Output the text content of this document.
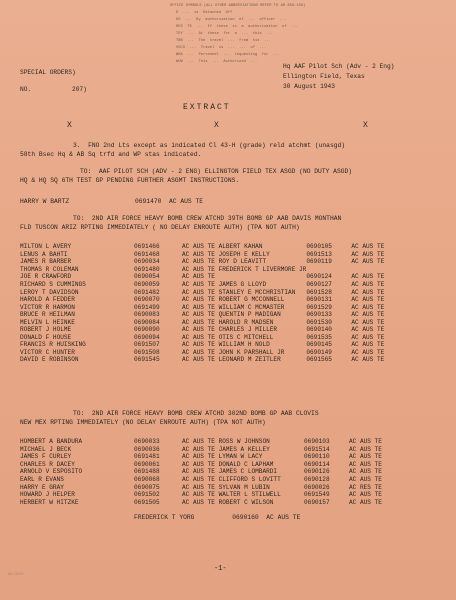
OFFICE SYMBOLS (ALL OTHER ABBREVIATIONS REFER TO AR 850-150)
D  ...  is  Detached  Off
DO  ...  By  authorization  of  ...  officer  ...
RES  TS  ...  If  these  is  a  authorization  of  ...
TDY  ...  At  these  for  a  ...  this  ...
TRB  ...  The  travel  ...  from  his  ...
VOCO  ...  Travel  is  ...  ...  of  ...
WHA  ...  Personnel  ...  requesting  for  ...
WUW  ...  This  ...  Authorized  ...
SPECIAL ORDERS)
NO.	207)
Hq AAF Pilot Sch (Adv - 2 Eng)
Ellington Field, Texas
30 August 1943
EXTRACT
X	X	X
3.  FNO 2nd Lts except as indicated Cl 43-H (grade) reld atchmt (unasgd)
58th Bsec Hq & AB Sq trfd and WP stas indicated.
TO:  AAF PILOT SCH (ADV - 2 ENG) ELLINGTON FIELD TEX ASGD (NO DUTY ASGD)
HQ & HQ SQ 6TH TEST GP PENDING FURTHER ASGMT INSTRUCTIONS.
HARRY W BARTZ	0691470  AC AUS TE
TO:  2ND AIR FORCE HEAVY BOMB CREW ATCHD 39TH BOMB GP AAB DAVIS MONTHAN
FLD TUSCON ARIZ RPTING IMMEDIATELY ( NO DELAY ENROUTE AUTH) (TPA NOT AUTH)
MILTON L AVERY	0691466	AC AUS TE ALBERT KAHAN	0690105	AC AUS TE
LENUS A BAHTI	0691468	AC AUS TE JOSEPH E KELLY	0691513	AC AUS TE
JAMES R BARBER	0690034	AC AUS TE ROY D LEAVITT	0690119	AC AUS TE
THOMAS R COLEMAN	0691480	AC AUS TE FREDERICK T LIVERMORE JR		
JOE R CRAWFORD	0690054	AC AUS TE	0690124	AC AUS TE
RICHARD S CUMMINGS	0690059	AC AUS TE JAMES G LLOYD	0690127	AC AUS TE
LEROY T DAVIDSON	0691482	AC AUS TE STANLEY E MCCHRISTIAN	0691528	AC AUS TE
HAROLD A FEDDER	0690070	AC AUS TE ROBERT G MCCONNELL	0690131	AC AUS TE
VICTOR R HARMON	0691499	AC AUS TE WILLIAM C MCMASTER	0691529	AC AUS TE
BRUCE R HEILMAN	0690083	AC AUS TE QUENTIN P MADIGAN	0690133	AC AUS TE
MELVIN L HEINKE	0690084	AC AUS TE HAROLD R MADSEN	0691530	AC AUS TE
ROBERT J HOLME	0690090	AC AUS TE CHARLES J MILLER	0690140	AC AUS TE
DONALD F HOUSE	0690094	AC AUS TE OTIS C MITCHELL	0691535	AC AUS TE
FRANCIS R HUISKING	0691507	AC AUS TE WILLIAM H NOLD	0690145	AC AUS TE
VICTOR C HUNTER	0691508	AC AUS TE JOHN K PARSHALL JR	0690149	AC AUS TE
DAVID E ROBINSON	0691545	AC AUS TE LEONARD M ZEITLER	0691565	AC AUS TE
TO:  2ND AIR FORCE HEAVY BOMB CREW ATCHD 302ND BOMB GP AAB CLOVIS
NEW MEX RPTING IMMEDIATELY (NO DELAY ENROUTE AUTH) (TPA NOT AUTH)
HOMBERT A BANDURA	0690033	AC AUS TE ROSS W JOHNSON	0690103	AC AUS TE
MICHAEL J BECK	0690036	AC AUS TE JAMES A KELLEY	0691514	AC AUS TE
JAMES F CURLEY	0691481	AC AUS TE LYMAN W LACY	0690110	AC AUS TE
CHARLES R DACEY	0690061	AC AUS TE DONALD C LAPHAM	0690114	AC AUS TE
ARNOLD V ESPOSITO	0691488	AC AUS TE JAMES C LOMBARDI	0690126	AC AUS TE
EARL R EVANS	0690068	AC AUS TE CLIFFORD S LOVITT	0690128	AC AUS TE
HARRY E GRAY	0690075	AC AUS TE SYLVAN M LUBIN	0690026	AC RES TE
HOWARD J HELPER	0691502	AC AUS TE WALTER L STILWELL	0691549	AC AUS TE
HERBERT W HITZKE	0691505	AC AUS TE ROBERT C WILSON	0690157	AC AUS TE
FREDERICK T YORG          0690160  AC AUS TE
-1-
G3/3535
